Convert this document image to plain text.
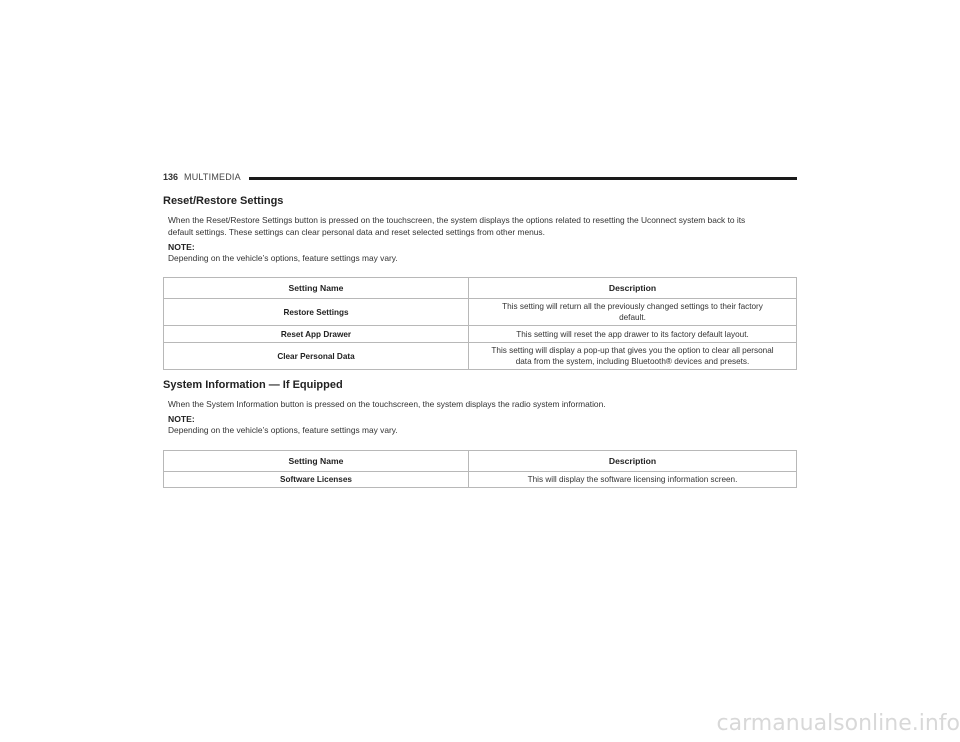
136 MULTIMEDIA
Reset/Restore Settings
When the Reset/Restore Settings button is pressed on the touchscreen, the system displays the options related to resetting the Uconnect system back to its
default settings. These settings can clear personal data and reset selected settings from other menus.
NOTE:
Depending on the vehicle’s options, feature settings may vary.
Setting Name	Description
Restore Settings	This setting will return all the previously changed settings to their factory
default.
Reset App Drawer	This setting will reset the app drawer to its factory default layout.
Clear Personal Data	This setting will display a pop-up that gives you the option to clear all personal
data from the system, including Bluetooth® devices and presets.
System Information — If Equipped
When the System Information button is pressed on the touchscreen, the system displays the radio system information.
NOTE:
Depending on the vehicle’s options, feature settings may vary.
Setting Name	Description
Software Licenses	This will display the software licensing information screen.
carmanualsonline.info
